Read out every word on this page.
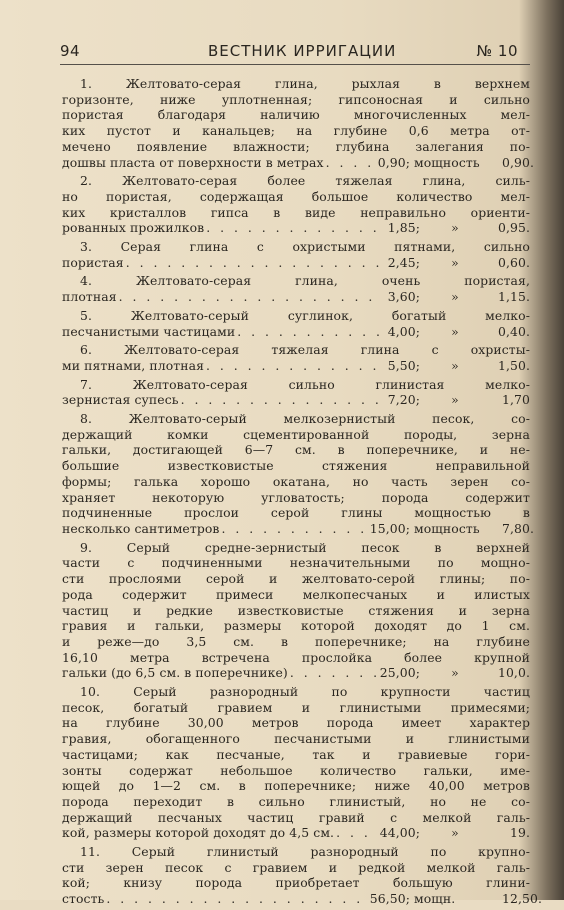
94	ВЕСТНИК ИРРИГАЦИИ	№ 10
1. Желтовато-серая глина, рыхлая в верхнем
горизонте, ниже уплотненная; гипсоносная и сильно
пористая благодаря наличию многочисленных мел-
ких пустот и канальцев; на глубине 0,6 метра от-
мечено появление влажности; глубина залегания по-
дошвы пласта от поверхности в метрах . . .	0,90; мощность	0,90.
2. Желтовато-серая более тяжелая глина, силь-
но пористая, содержащая большое количество мел-
ких кристаллов гипса в виде неправильно ориенти-
рованных прожилков . . .	1,85;	»	0,95.
3. Серая глина с охристыми пятнами, сильно
пористая . . .	2,45;	»	0,60.
4. Желтовато-серая глина, очень пористая,
плотная . . .	3,60;	»	1,15.
5. Желтовато-серый суглинок, богатый мелко-
песчанистыми частицами . . .	4,00;	»	0,40.
6. Желтовато-серая тяжелая глина с охристы-
ми пятнами, плотная . . .	5,50;	»	1,50.
7. Желтовато-серая сильно глинистая мелко-
зернистая супесь . . .	7,20;	»	1,70
8. Желтовато-серый мелкозернистый песок, со-
держащий комки сцементированной породы, зерна
гальки, достигающей 6—7 см. в поперечнике, и не-
большие известковистые стяжения неправильной
формы; галька хорошо окатана, но часть зерен со-
храняет некоторую угловатость; порода содержит
подчиненные прослои серой глины мощностью в
несколько сантиметров . . .	15,00; мощность	7,80.
9. Серый средне-зернистый песок в верхней
части с подчиненными незначительными по мощно-
сти прослоями серой и желтовато-серой глины; по-
рода содержит примеси мелкопесчаных и илистых
частиц и редкие известковистые стяжения и зерна
гравия и гальки, размеры которой доходят до 1 см.
и реже—до 3,5 см. в поперечнике; на глубине
16,10 метра встречена прослойка более крупной
гальки (до 6,5 см. в поперечнике) . . .	25,00;	»	10,0.
10. Серый разнородный по крупности частиц
песок, богатый гравием и глинистыми примесями;
на глубине 30,00 метров порода имеет характер
гравия, обогащенного песчанистыми и глинистыми
частицами; как песчаные, так и гравиевые гори-
зонты содержат небольшое количество гальки, име-
ющей до 1—2 см. в поперечнике; ниже 40,00 метров
порода переходит в сильно глинистый, но не со-
держащий песчаных частиц гравий с мелкой галь-
кой, размеры которой доходят до 4,5 см. . . .	44,00;	»	19.
11. Серый глинистый разнородный по крупно-
сти зерен песок с гравием и редкой мелкой галь-
кой; книзу порода приобретает большую глини-
стость . . .	56,50; мощн.	12,50.
